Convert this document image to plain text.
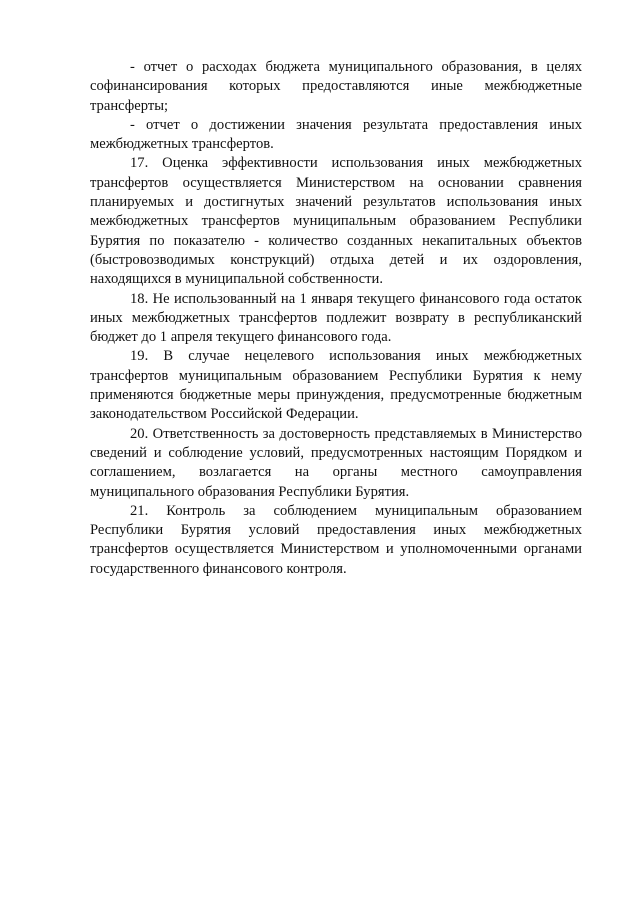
- отчет о расходах бюджета муниципального образования, в целях софинансирования которых предоставляются иные межбюджетные трансферты;

- отчет о достижении значения результата предоставления иных межбюджетных трансфертов.

17. Оценка эффективности использования иных межбюджетных трансфертов осуществляется Министерством на основании сравнения планируемых и достигнутых значений результатов использования иных межбюджетных трансфертов муниципальным образованием Республики Бурятия по показателю - количество созданных некапитальных объектов (быстровозводимых конструкций) отдыха детей и их оздоровления, находящихся в муниципальной собственности.

18. Не использованный на 1 января текущего финансового года остаток иных межбюджетных трансфертов подлежит возврату в республиканский бюджет до 1 апреля текущего финансового года.

19. В случае нецелевого использования иных межбюджетных трансфертов муниципальным образованием Республики Бурятия к нему применяются бюджетные меры принуждения, предусмотренные бюджетным законодательством Российской Федерации.

20. Ответственность за достоверность представляемых в Министерство сведений и соблюдение условий, предусмотренных настоящим Порядком и соглашением, возлагается на органы местного самоуправления муниципального образования Республики Бурятия.

21. Контроль за соблюдением муниципальным образованием Республики Бурятия условий предоставления иных межбюджетных трансфертов осуществляется Министерством и уполномоченными органами государственного финансового контроля.
